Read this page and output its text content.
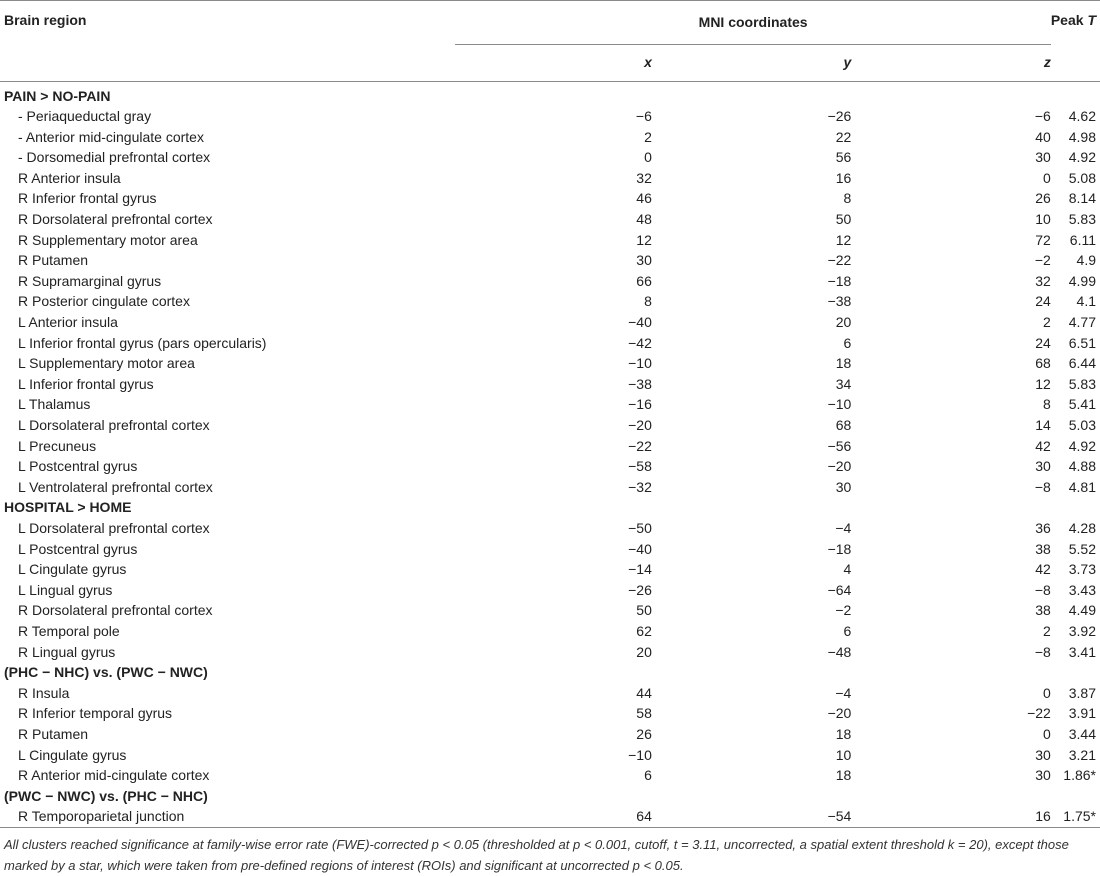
Brain region	MNI coordinates			Peak T
	x	y	z	

PAIN > NO-PAIN				
- Periaqueductal gray	−6	−26	−6	4.62
- Anterior mid-cingulate cortex	2	22	40	4.98
- Dorsomedial prefrontal cortex	0	56	30	4.92
R Anterior insula	32	16	0	5.08
R Inferior frontal gyrus	46	8	26	8.14
R Dorsolateral prefrontal cortex	48	50	10	5.83
R Supplementary motor area	12	12	72	6.11
R Putamen	30	−22	−2	4.9
R Supramarginal gyrus	66	−18	32	4.99
R Posterior cingulate cortex	8	−38	24	4.1
L Anterior insula	−40	20	2	4.77
L Inferior frontal gyrus (pars opercularis)	−42	6	24	6.51
L Supplementary motor area	−10	18	68	6.44
L Inferior frontal gyrus	−38	34	12	5.83
L Thalamus	−16	−10	8	5.41
L Dorsolateral prefrontal cortex	−20	68	14	5.03
L Precuneus	−22	−56	42	4.92
L Postcentral gyrus	−58	−20	30	4.88
L Ventrolateral prefrontal cortex	−32	30	−8	4.81
HOSPITAL > HOME				
L Dorsolateral prefrontal cortex	−50	−4	36	4.28
L Postcentral gyrus	−40	−18	38	5.52
L Cingulate gyrus	−14	4	42	3.73
L Lingual gyrus	−26	−64	−8	3.43
R Dorsolateral prefrontal cortex	50	−2	38	4.49
R Temporal pole	62	6	2	3.92
R Lingual gyrus	20	−48	−8	3.41
(PHC − NHC) vs. (PWC − NWC)				
R Insula	44	−4	0	3.87
R Inferior temporal gyrus	58	−20	−22	3.91
R Putamen	26	18	0	3.44
L Cingulate gyrus	−10	10	30	3.21
R Anterior mid-cingulate cortex	6	18	30	1.86*
(PWC − NWC) vs. (PHC − NHC)				
R Temporoparietal junction	64	−54	16	1.75*

All clusters reached significance at family-wise error rate (FWE)-corrected p < 0.05 (thresholded at p < 0.001, cutoff, t = 3.11, uncorrected, a spatial extent threshold k = 20), except those marked by a star, which were taken from pre-defined regions of interest (ROIs) and significant at uncorrected p < 0.05.
